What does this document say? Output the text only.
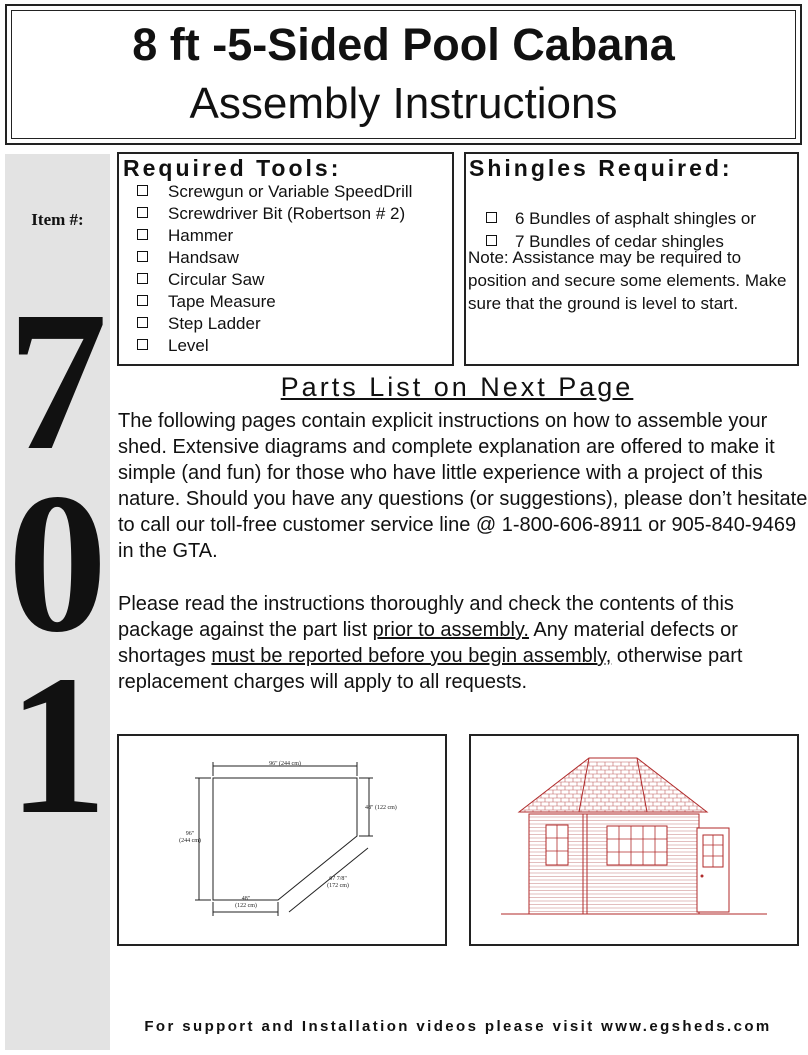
8 ft -5-Sided Pool Cabana
Assembly Instructions
Item #:
7
0
1
Required Tools:
Screwgun or Variable SpeedDrill
Screwdriver Bit (Robertson # 2)
Hammer
Handsaw
Circular Saw
Tape Measure
Step Ladder
Level
Shingles Required:
6 Bundles of asphalt shingles or
7 Bundles of cedar shingles
Note: Assistance may be required to position and secure some elements. Make sure that the ground is level to start.
Parts List on Next Page

The following pages contain explicit instructions on how to assemble your shed. Extensive diagrams and complete explanation are offered to make it simple (and fun) for those who have little experience with a project of this nature. Should you have any questions (or suggestions), please don’t hesitate to call our toll-free customer service line @ 1-800-606-8911 or 905-840-9469 in the GTA.

Please read the instructions thoroughly and check the contents of this package against the part list prior to assembly. Any material defects or shortages must be reported before you begin assembly, otherwise part replacement charges will apply to all requests.

96" (244 cm)
48" (122 cm)
96"
(244 cm)
67 7/8"
(172 cm)
48"
(122 cm)
For support and Installation videos please visit www.egsheds.com
